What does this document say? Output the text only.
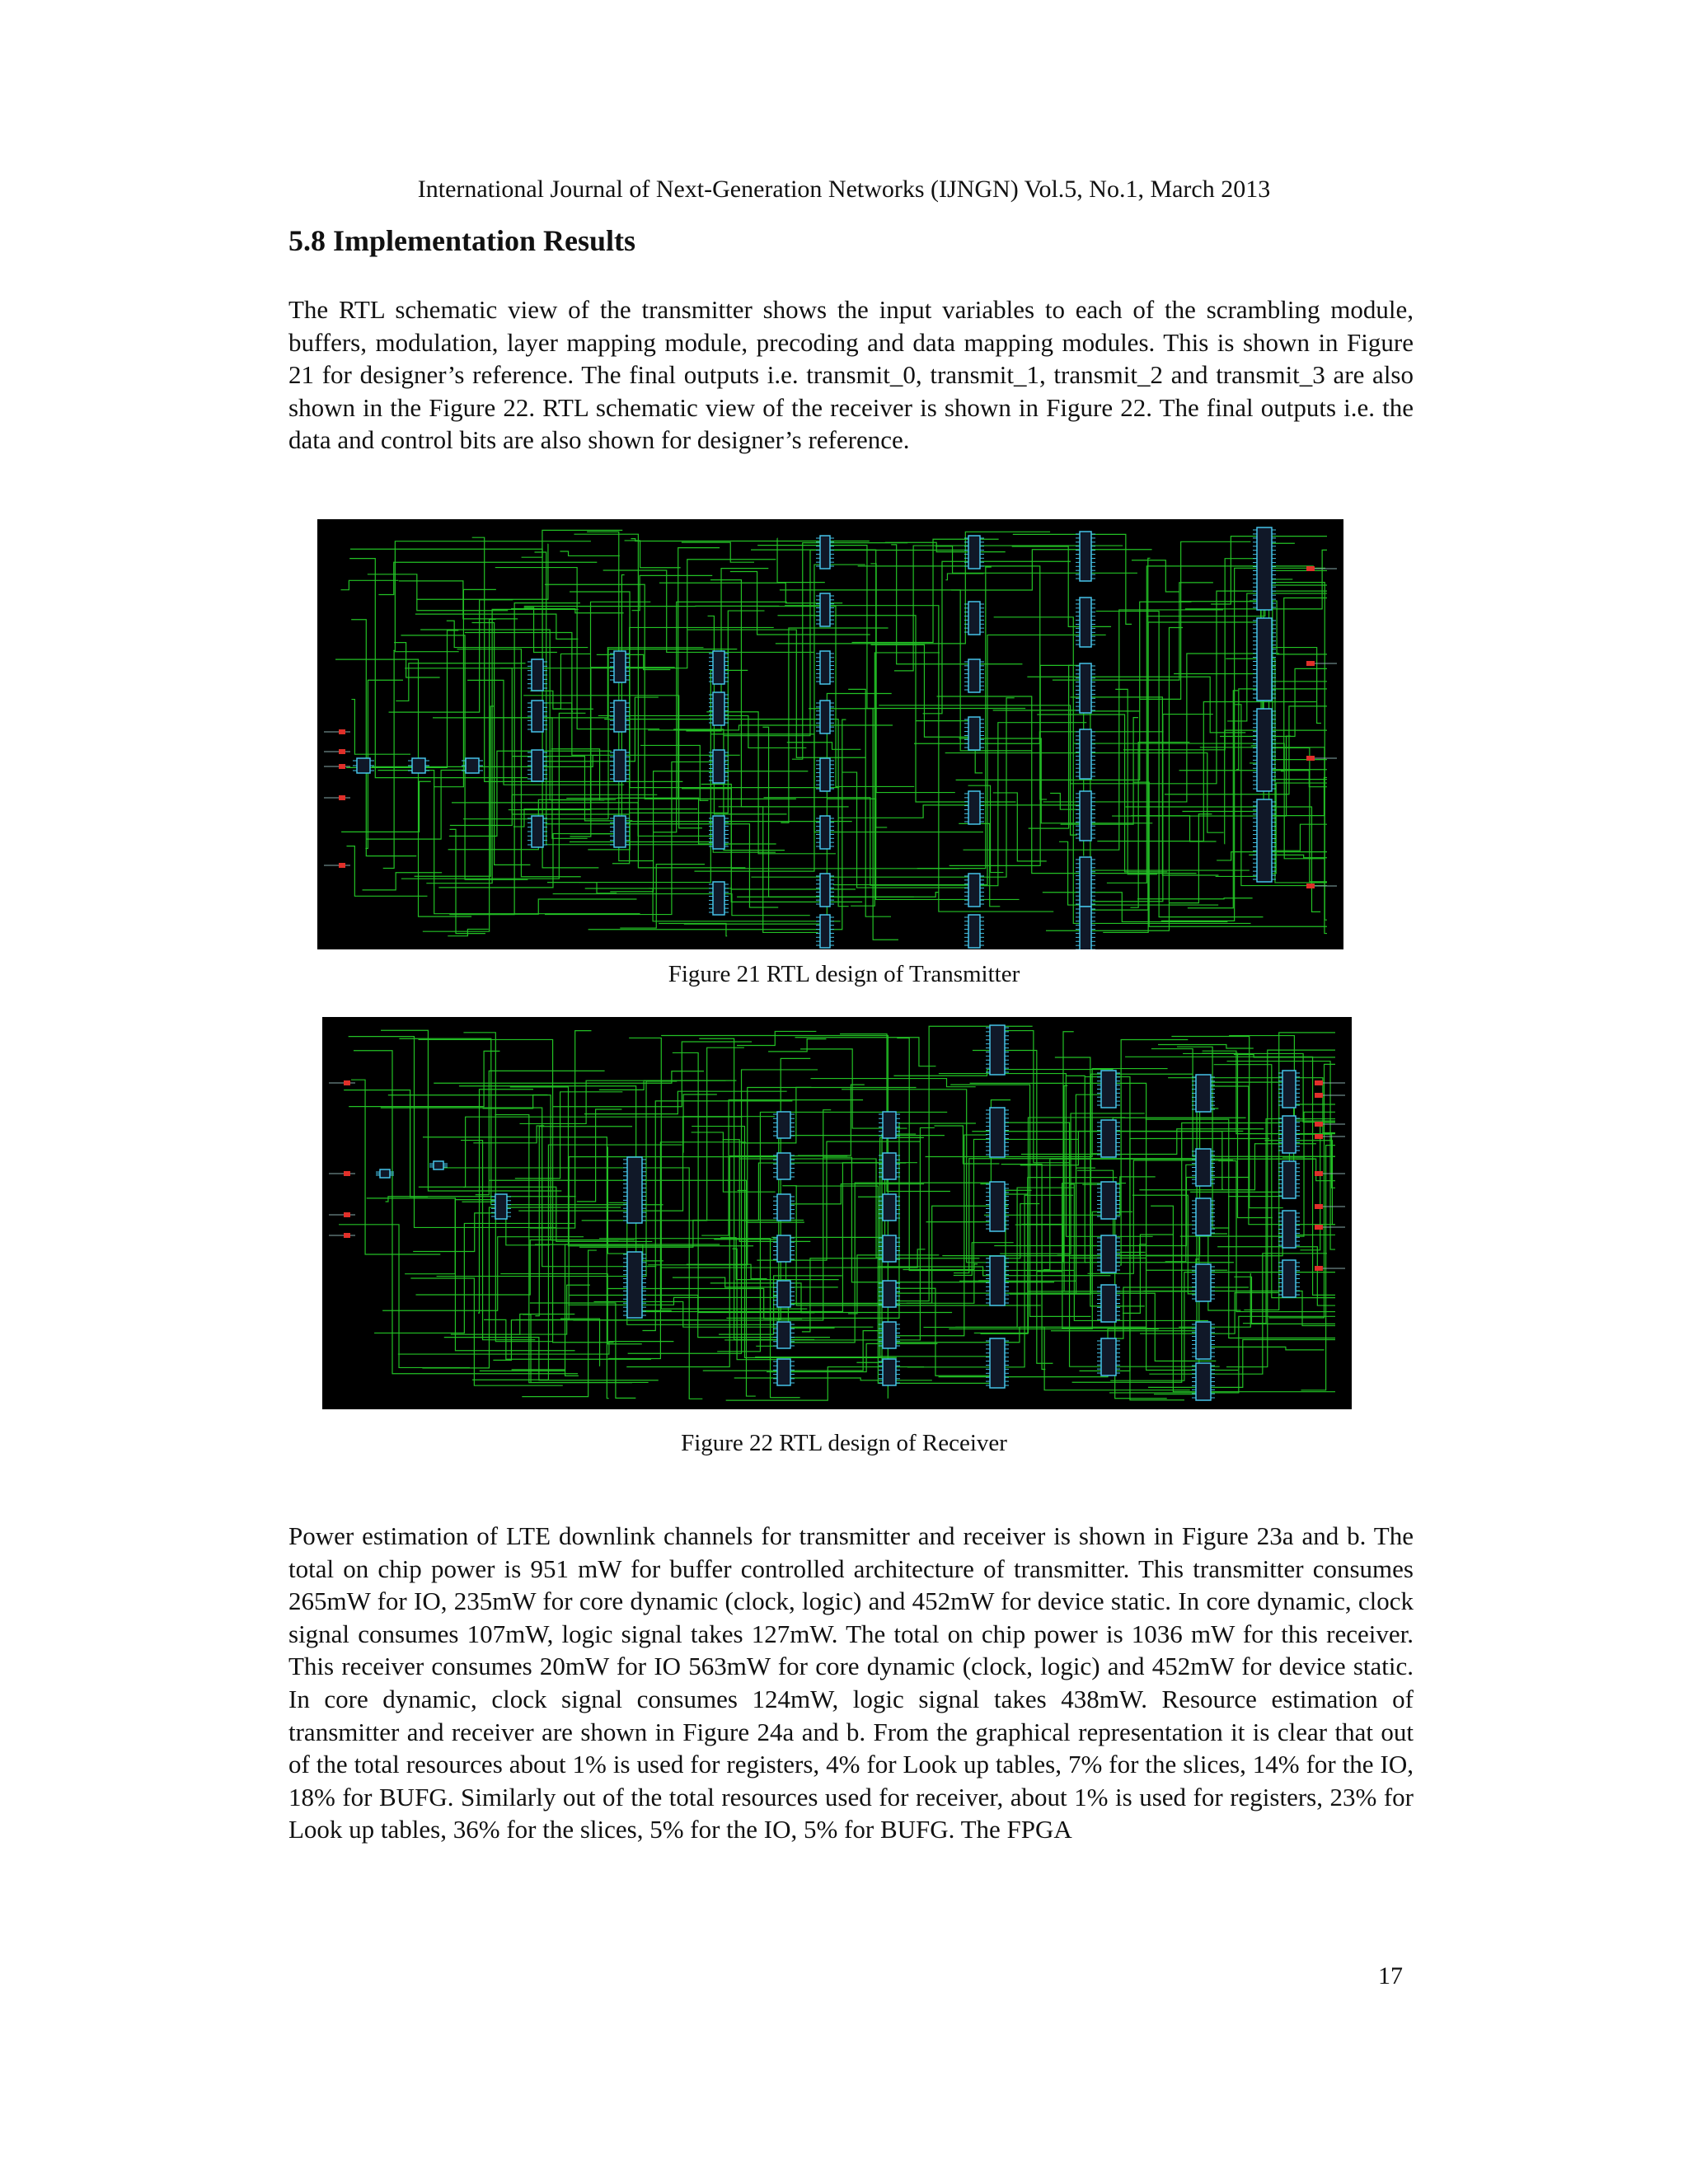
International Journal of Next-Generation Networks (IJNGN) Vol.5, No.1, March 2013
5.8 Implementation Results
The RTL schematic view of the transmitter shows the input variables to each of the scrambling module, buffers, modulation, layer mapping module, precoding and data mapping modules. This is shown in Figure 21 for designer’s reference. The final outputs i.e. transmit_0, transmit_1, transmit_2 and transmit_3 are also shown in the Figure 22. RTL schematic view of the receiver is shown in Figure 22. The final outputs i.e. the data and control bits are also shown for designer’s reference.
Figure 21 RTL design of Transmitter
Figure 22 RTL design of Receiver
Power estimation of LTE downlink channels for transmitter and receiver is shown in Figure 23a and b. The total on chip power is 951 mW for buffer controlled architecture of transmitter. This transmitter consumes 265mW for IO, 235mW for core dynamic (clock, logic) and 452mW for device static. In core dynamic, clock signal consumes 107mW, logic signal takes 127mW. The total on chip power is 1036 mW for this receiver. This receiver consumes 20mW for IO 563mW for core dynamic (clock, logic) and 452mW for device static. In core dynamic, clock signal consumes 124mW, logic signal takes 438mW. Resource estimation of transmitter and receiver are shown in Figure 24a and b. From the graphical representation it is clear that out of the total resources about 1% is used for registers, 4% for Look up tables, 7% for the slices, 14% for the IO, 18% for BUFG. Similarly out of the total resources used for receiver, about 1% is used for registers, 23% for Look up tables, 36% for the slices, 5% for the IO, 5% for BUFG. The FPGA
17
